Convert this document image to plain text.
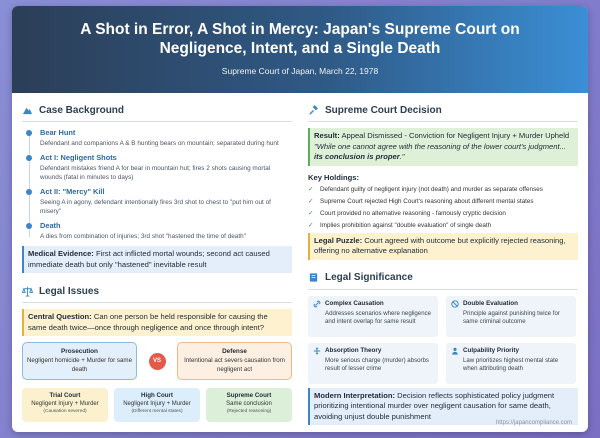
A Shot in Error, A Shot in Mercy: Japan's Supreme Court on Negligence, Intent, and a Single Death
Supreme Court of Japan, March 22, 1978
Case Background
Bear Hunt
Defendant and companions A & B hunting bears on mountain; separated during hunt
Act I: Negligent Shots
Defendant mistakes friend A for bear in mountain hut; fires 2 shots causing mortal wounds (fatal in minutes to days)
Act II: "Mercy" Kill
Seeing A in agony, defendant intentionally fires 3rd shot to chest to "put him out of misery"
Death
A dies from combination of injuries; 3rd shot "hastened the time of death"
Medical Evidence: First act inflicted mortal wounds; second act caused immediate death but only "hastened" inevitable result
Legal Issues
Central Question: Can one person be held responsible for causing the same death twice—once through negligence and once through intent?
Prosecution
Negligent homicide + Murder for same death
VS
Defense
Intentional act severs causation from negligent act
Trial Court
Negligent Injury + Murder
(Causation severed)
High Court
Negligent Injury + Murder
(Different mental states)
Supreme Court
Same conclusion
(Rejected reasoning)
Supreme Court Decision
Result: Appeal Dismissed - Conviction for Negligent Injury + Murder Upheld
"While one cannot agree with the reasoning of the lower court's judgment... its conclusion is proper."
Key Holdings:
✓	Defendant guilty of negligent injury (not death) and murder as separate offenses
✓	Supreme Court rejected High Court's reasoning about different mental states
✓	Court provided no alternative reasoning - famously cryptic decision
✓	Implies prohibition against "double evaluation" of single death
Legal Puzzle: Court agreed with outcome but explicitly rejected reasoning, offering no alternative explanation
Legal Significance
Complex Causation
Addresses scenarios where negligence and intent overlap for same result
Double Evaluation
Principle against punishing twice for same criminal outcome
Absorption Theory
More serious charge (murder) absorbs result of lesser crime
Culpability Priority
Law prioritizes highest mental state when attributing death
Modern Interpretation: Decision reflects sophisticated policy judgment prioritizing intentional murder over negligent causation for same death, avoiding unjust double punishment
https://japancompliance.com
